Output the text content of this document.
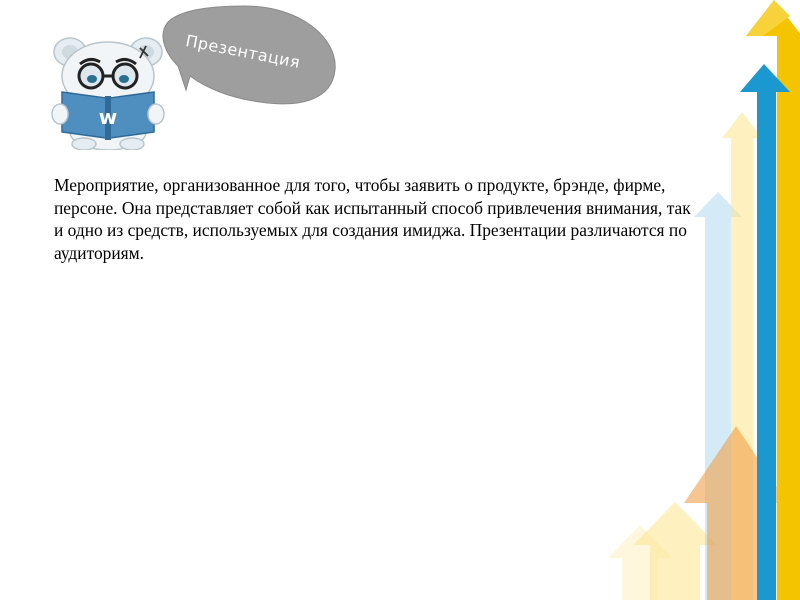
Презентация
w

Мероприятие, организованное для того, чтобы заявить о продукте, брэнде, фирме, персоне. Она представляет собой как испытанный способ привлечения внимания, так и одно из средств, используемых для создания имиджа. Презентации различаются по аудиториям.
